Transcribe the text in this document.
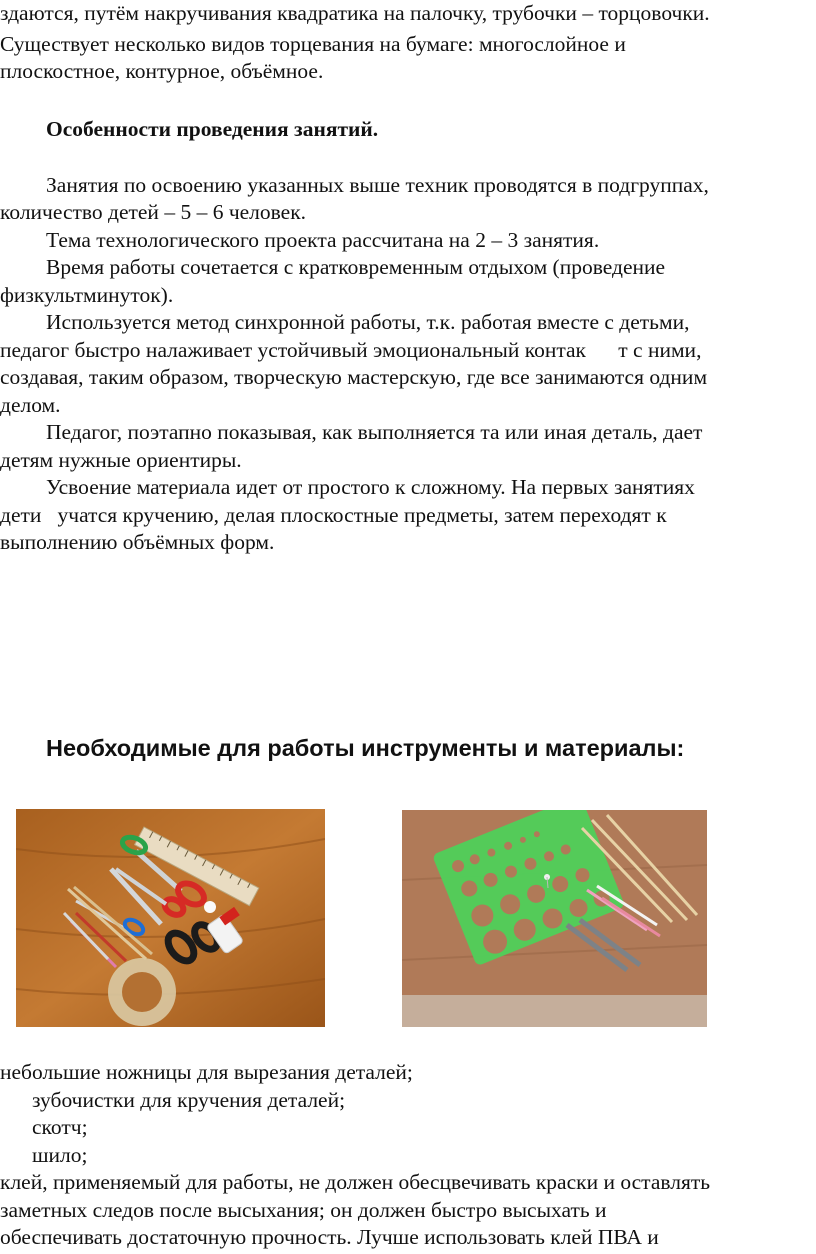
здаются, путём накручивания квадратика на палочку, трубочки – торцовочки.

Существует несколько видов торцевания на бумаге: многослойное и

плоскостное, контурное, объёмное.

Особенности проведения занятий.

Занятия по освоению указанных выше техник проводятся в подгруппах,

количество детей – 5 – 6 человек.

Тема технологического проекта рассчитана на 2 – 3 занятия.

Время работы сочетается с кратковременным отдыхом (проведение

физкультминуток).

Используется метод синхронной работы, т.к. работая вместе с детьми,

педагог быстро налаживает устойчивый эмоциональный контак      т с ними,

создавая, таким образом, творческую мастерскую, где все занимаются одним

делом.

Педагог, поэтапно показывая, как выполняется та или иная деталь, дает

детям нужные ориентиры.

Усвоение материала идет от простого к сложному. На первых занятиях

дети   учатся кручению, делая плоскостные предметы, затем переходят к

выполнению объёмных форм.

Необходимые для работы инструменты и материалы:

небольшие ножницы для вырезания деталей;

зубочистки для кручения деталей;

скотч;

шило;

клей, применяемый для работы, не должен обесцвечивать краски и оставлять

заметных следов после высыхания; он должен быстро высыхать и

обеспечивать достаточную прочность. Лучше использовать клей ПВА и
